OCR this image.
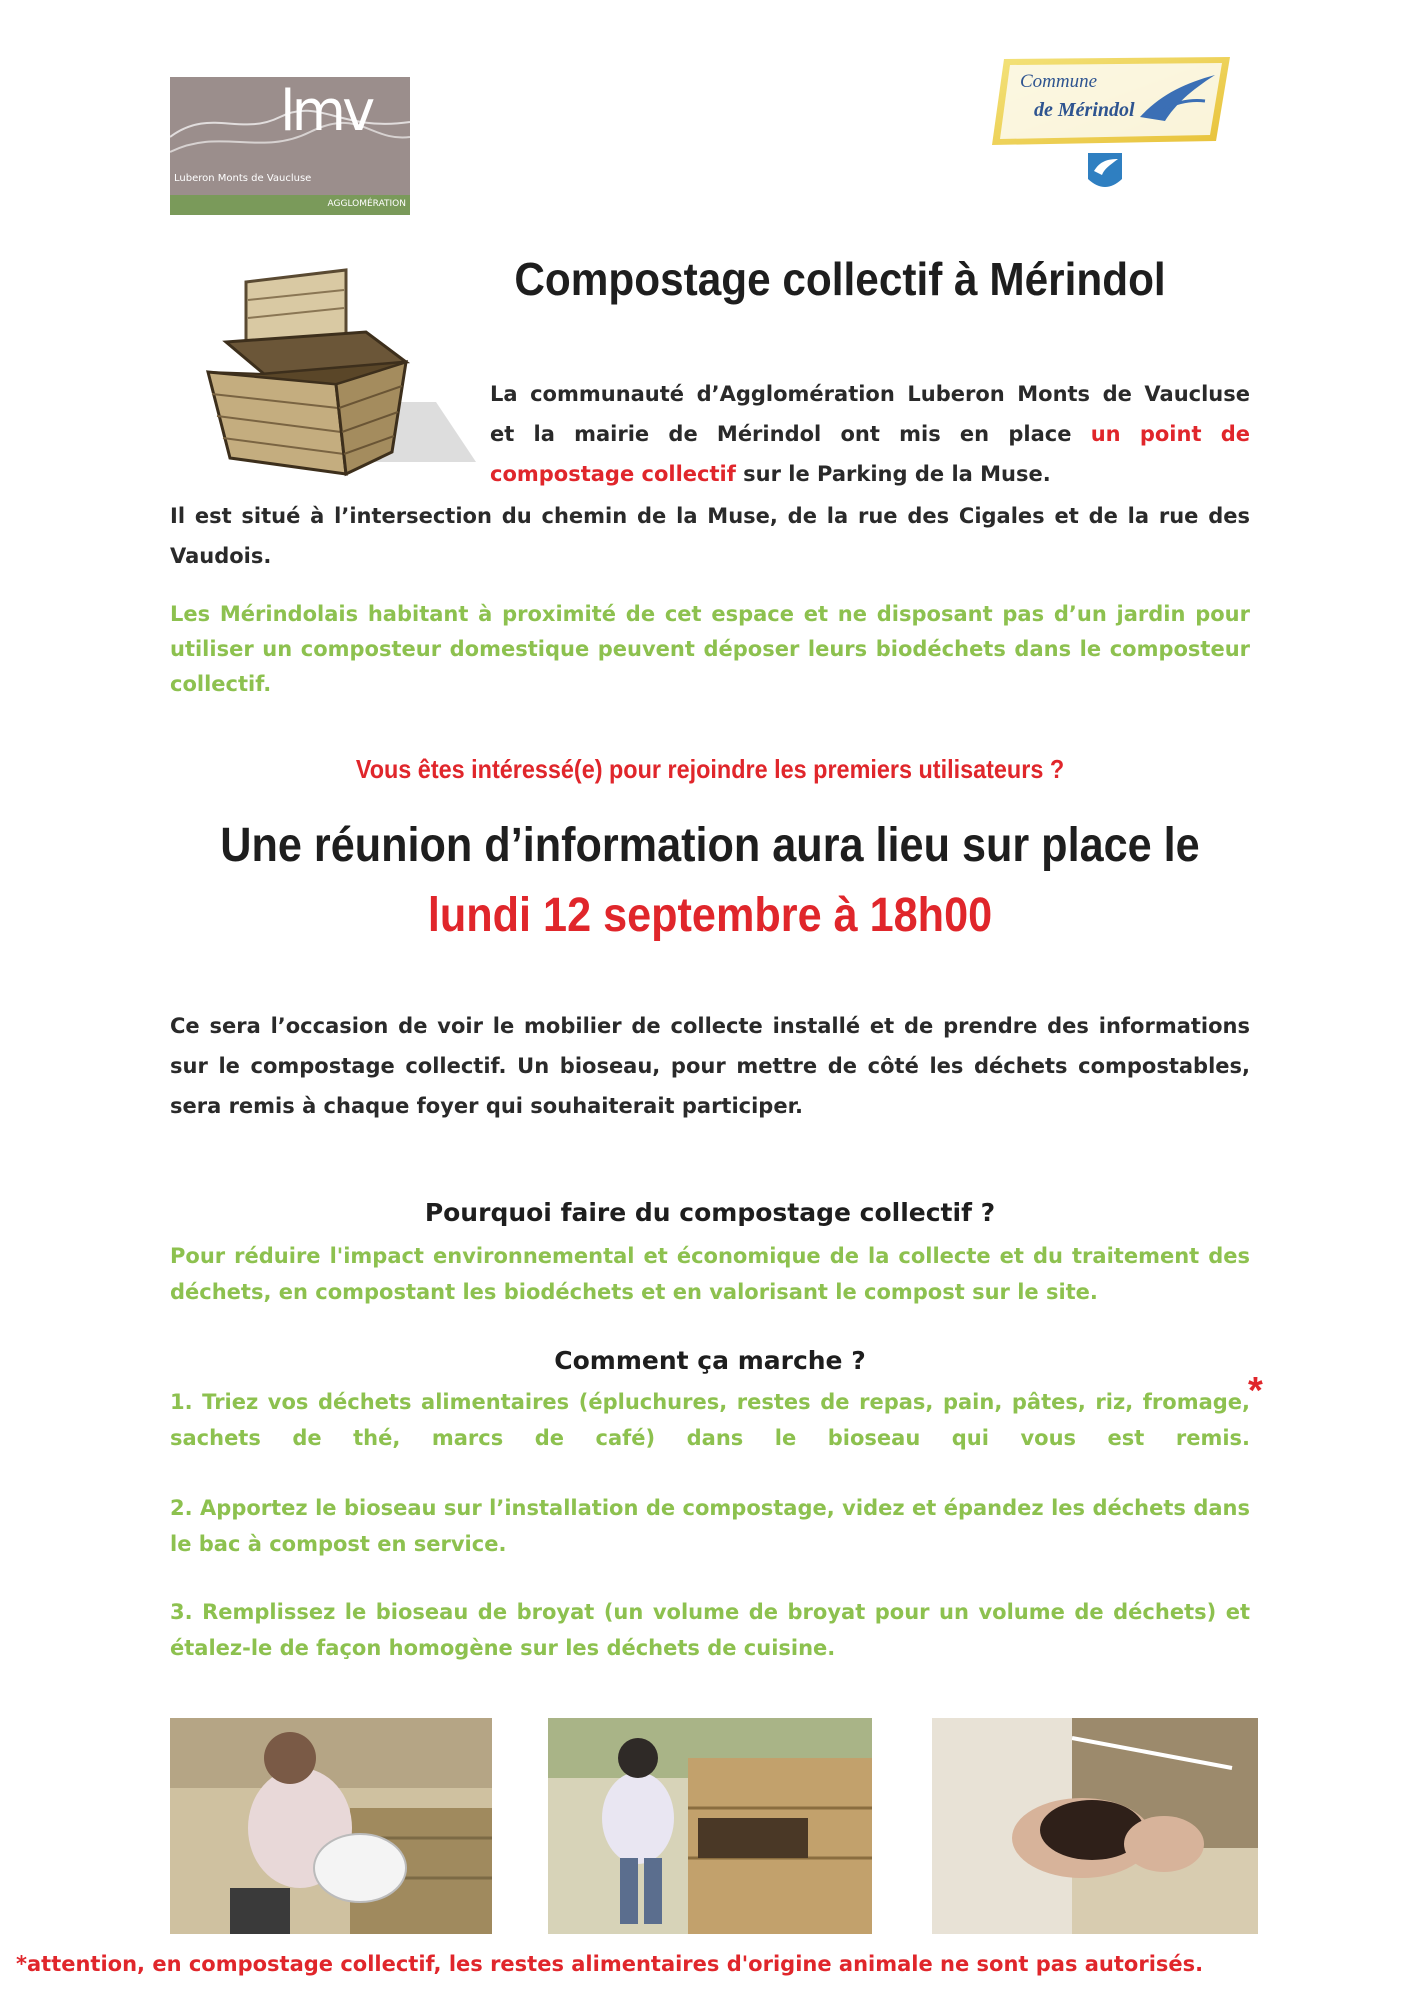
lmv
Luberon Monts de Vaucluse
AGGLOMÉRATION
Commune
de Mérindol
Compostage collectif à Mérindol
La communauté d’Agglomération Luberon Monts de Vaucluse et la mairie de Mérindol ont mis en place un point de compostage collectif sur le Parking de la Muse.
Il est situé à l’intersection du chemin de la Muse, de la rue des Cigales et de la rue des Vaudois.
Les Mérindolais habitant à proximité de cet espace et ne disposant pas d’un jardin pour utiliser un composteur domestique peuvent déposer leurs biodéchets dans le composteur collectif.
Vous êtes intéressé(e) pour rejoindre les premiers utilisateurs ?
Une réunion d’information aura lieu sur place le
lundi 12 septembre à 18h00
Ce sera l’occasion de voir le mobilier de collecte installé et de prendre des informations sur le compostage collectif. Un bioseau, pour mettre de côté les déchets compostables, sera remis à chaque foyer qui souhaiterait participer.
Pourquoi faire du compostage collectif ?
Pour réduire l'impact environnemental et économique de la collecte et du traitement des déchets, en compostant les biodéchets et en valorisant le compost sur le site.
Comment ça marche ?
1. Triez vos déchets alimentaires (épluchures, restes de repas, pain, pâtes, riz, fromage, sachets de thé, marcs de café) dans le bioseau qui vous est remis.
*
2. Apportez le bioseau sur l’installation de compostage, videz et épandez les déchets dans le bac à compost en service.
3. Remplissez le bioseau de broyat (un volume de broyat pour un volume de déchets) et étalez-le de façon homogène sur les déchets de cuisine.
*attention, en compostage collectif, les restes alimentaires d'origine animale ne sont pas autorisés.
